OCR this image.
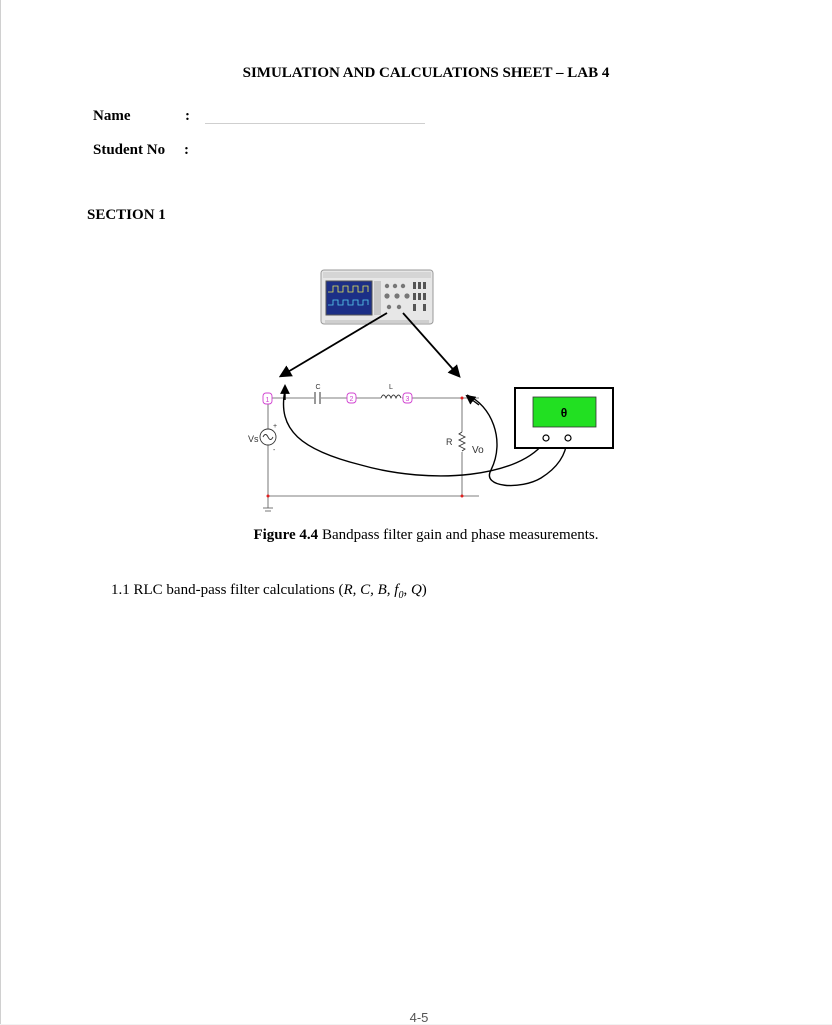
SIMULATION AND CALCULATIONS SHEET – LAB 4
Name	:
Student No :
SECTION 1
C	L
1	2	3
+
-
Vs	R
Vo
θ
Figure 4.4 Bandpass filter gain and phase measurements.
1.1 RLC band-pass filter calculations (R, C, B, $f_0$, Q)
4-5
